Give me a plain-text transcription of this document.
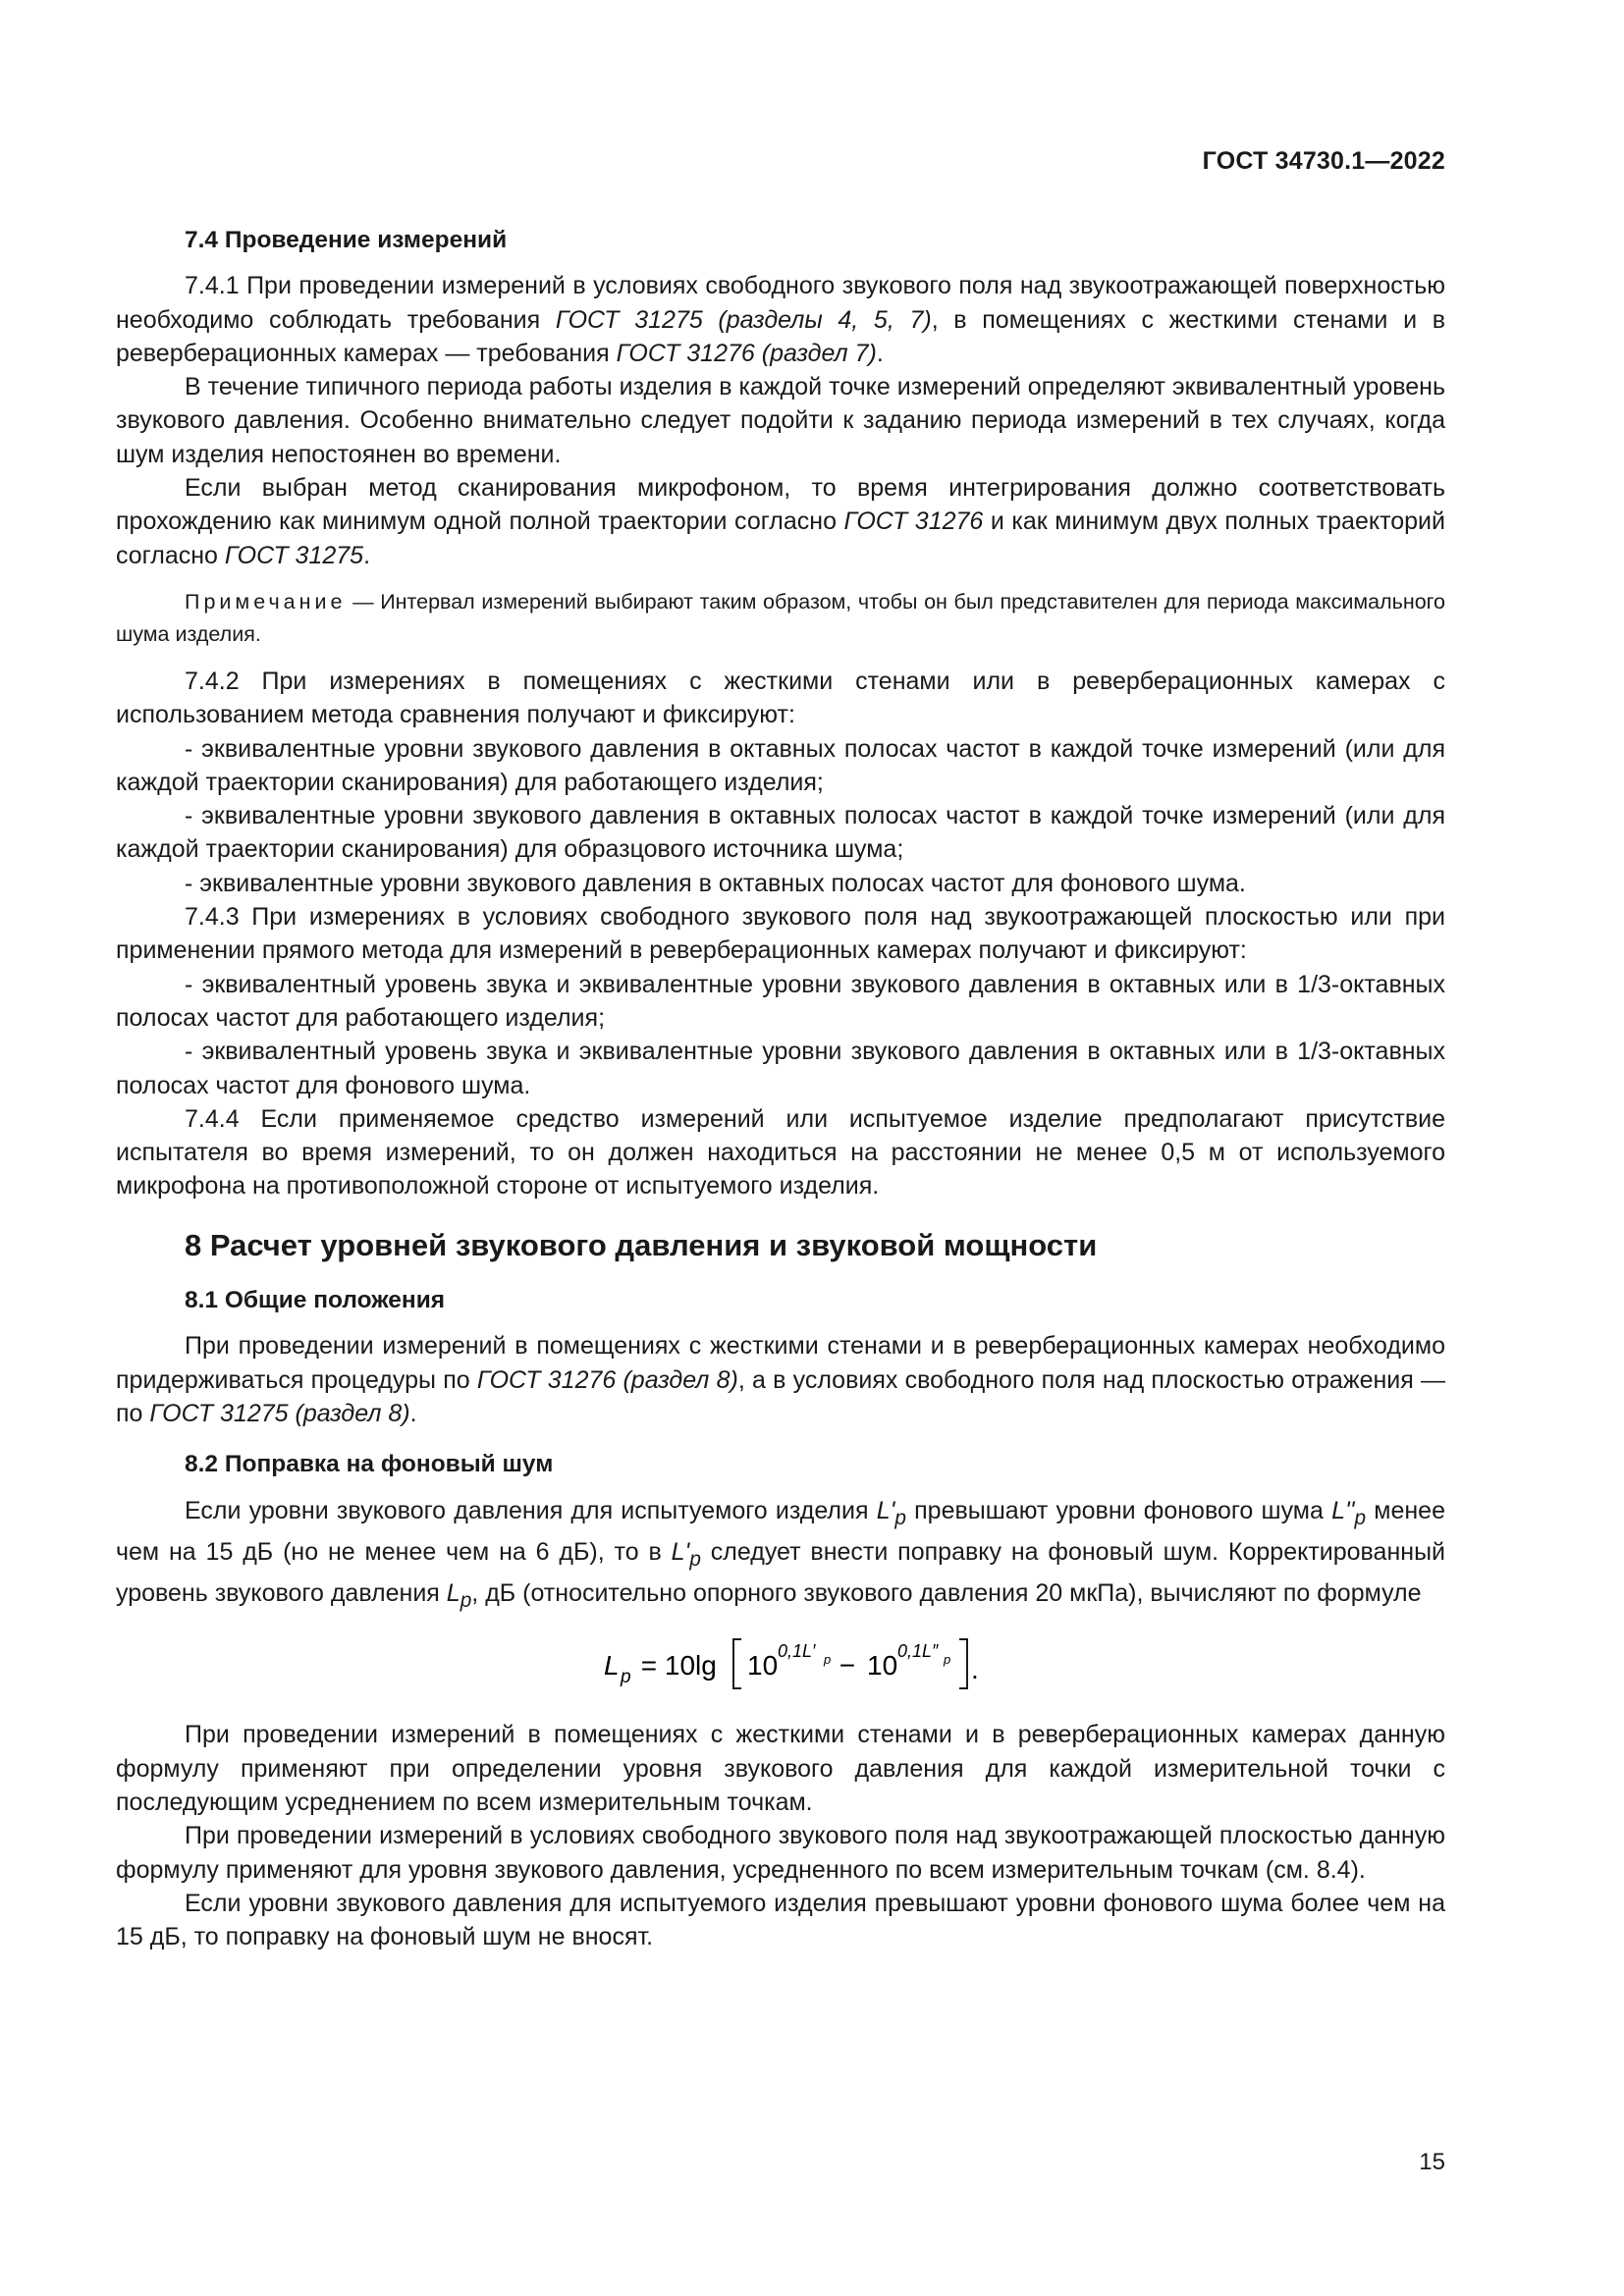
ГОСТ 34730.1—2022
7.4 Проведение измерений

7.4.1 При проведении измерений в условиях свободного звукового поля над звукоотражающей поверхностью необходимо соблюдать требования ГОСТ 31275 (разделы 4, 5, 7), в помещениях с жесткими стенами и в реверберационных камерах — требования ГОСТ 31276 (раздел 7).

В течение типичного периода работы изделия в каждой точке измерений определяют эквивалентный уровень звукового давления. Особенно внимательно следует подойти к заданию периода измерений в тех случаях, когда шум изделия непостоянен во времени.

Если выбран метод сканирования микрофоном, то время интегрирования должно соответствовать прохождению как минимум одной полной траектории согласно ГОСТ 31276 и как минимум двух полных траекторий согласно ГОСТ 31275.

Примечание — Интервал измерений выбирают таким образом, чтобы он был представителен для периода максимального шума изделия.

7.4.2 При измерениях в помещениях с жесткими стенами или в реверберационных камерах с использованием метода сравнения получают и фиксируют:

- эквивалентные уровни звукового давления в октавных полосах частот в каждой точке измерений (или для каждой траектории сканирования) для работающего изделия;

- эквивалентные уровни звукового давления в октавных полосах частот в каждой точке измерений (или для каждой траектории сканирования) для образцового источника шума;

- эквивалентные уровни звукового давления в октавных полосах частот для фонового шума.

7.4.3 При измерениях в условиях свободного звукового поля над звукоотражающей плоскостью или при применении прямого метода для измерений в реверберационных камерах получают и фиксируют:

- эквивалентный уровень звука и эквивалентные уровни звукового давления в октавных или в 1/3-октавных полосах частот для работающего изделия;

- эквивалентный уровень звука и эквивалентные уровни звукового давления в октавных или в 1/3-октавных полосах частот для фонового шума.

7.4.4 Если применяемое средство измерений или испытуемое изделие предполагают присутствие испытателя во время измерений, то он должен находиться на расстоянии не менее 0,5 м от используемого микрофона на противоположной стороне от испытуемого изделия.

8 Расчет уровней звукового давления и звуковой мощности
8.1 Общие положения

При проведении измерений в помещениях с жесткими стенами и в реверберационных камерах необходимо придерживаться процедуры по ГОСТ 31276 (раздел 8), а в условиях свободного поля над плоскостью отражения — по ГОСТ 31275 (раздел 8).

8.2 Поправка на фоновый шум

Если уровни звукового давления для испытуемого изделия $L'_p$ превышают уровни фонового шума $L''_p$ менее чем на 15 дБ (но не менее чем на 6 дБ), то в $L'_p$ следует внести поправку на фоновый шум. Корректированный уровень звукового давления $L_p$, дБ (относительно опорного звукового давления 20 мкПа), вычисляют по формуле

L p = 10lg 10 0,1L′ p − 10 0,1L″ p .

При проведении измерений в помещениях с жесткими стенами и в реверберационных камерах данную формулу применяют при определении уровня звукового давления для каждой измерительной точки с последующим усреднением по всем измерительным точкам.

При проведении измерений в условиях свободного звукового поля над звукоотражающей плоскостью данную формулу применяют для уровня звукового давления, усредненного по всем измерительным точкам (см. 8.4).

Если уровни звукового давления для испытуемого изделия превышают уровни фонового шума более чем на 15 дБ, то поправку на фоновый шум не вносят.

15
